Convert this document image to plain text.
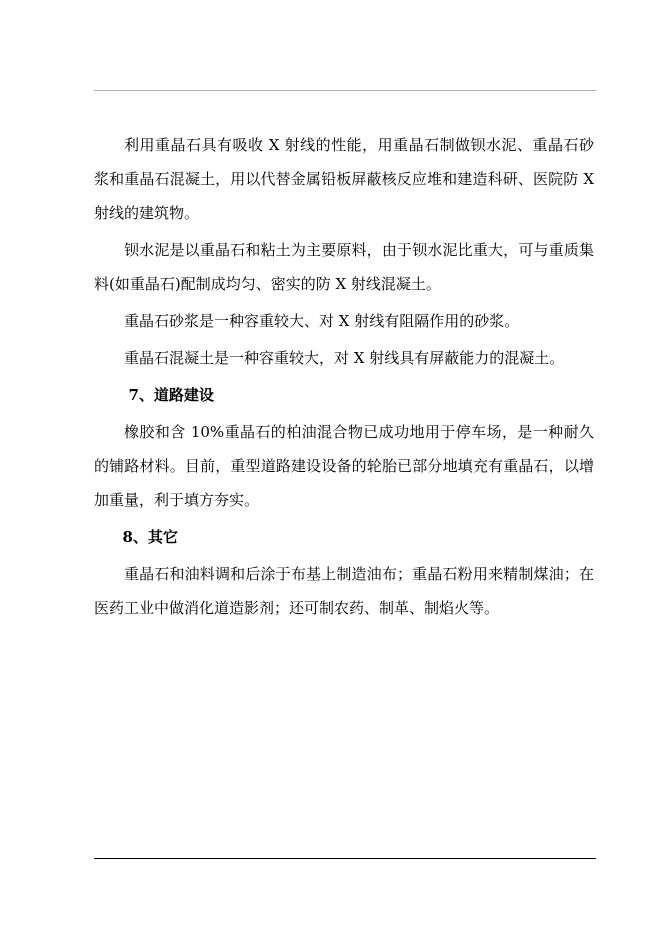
利用重晶石具有吸收 X 射线的性能，用重晶石制做钡水泥、重晶石砂浆和重晶石混凝土，用以代替金属铅板屏蔽核反应堆和建造科研、医院防 X 射线的建筑物。

钡水泥是以重晶石和粘土为主要原料，由于钡水泥比重大，可与重质集料(如重晶石)配制成均匀、密实的防 X 射线混凝土。

重晶石砂浆是一种容重较大、对 X 射线有阻隔作用的砂浆。

重晶石混凝土是一种容重较大，对 X 射线具有屏蔽能力的混凝土。

7、道路建设

橡胶和含 10%重晶石的柏油混合物已成功地用于停车场，是一种耐久的铺路材料。目前，重型道路建设设备的轮胎已部分地填充有重晶石，以增加重量，利于填方夯实。

8、其它

重晶石和油料调和后涂于布基上制造油布；重晶石粉用来精制煤油；在医药工业中做消化道造影剂；还可制农药、制革、制焰火等。
